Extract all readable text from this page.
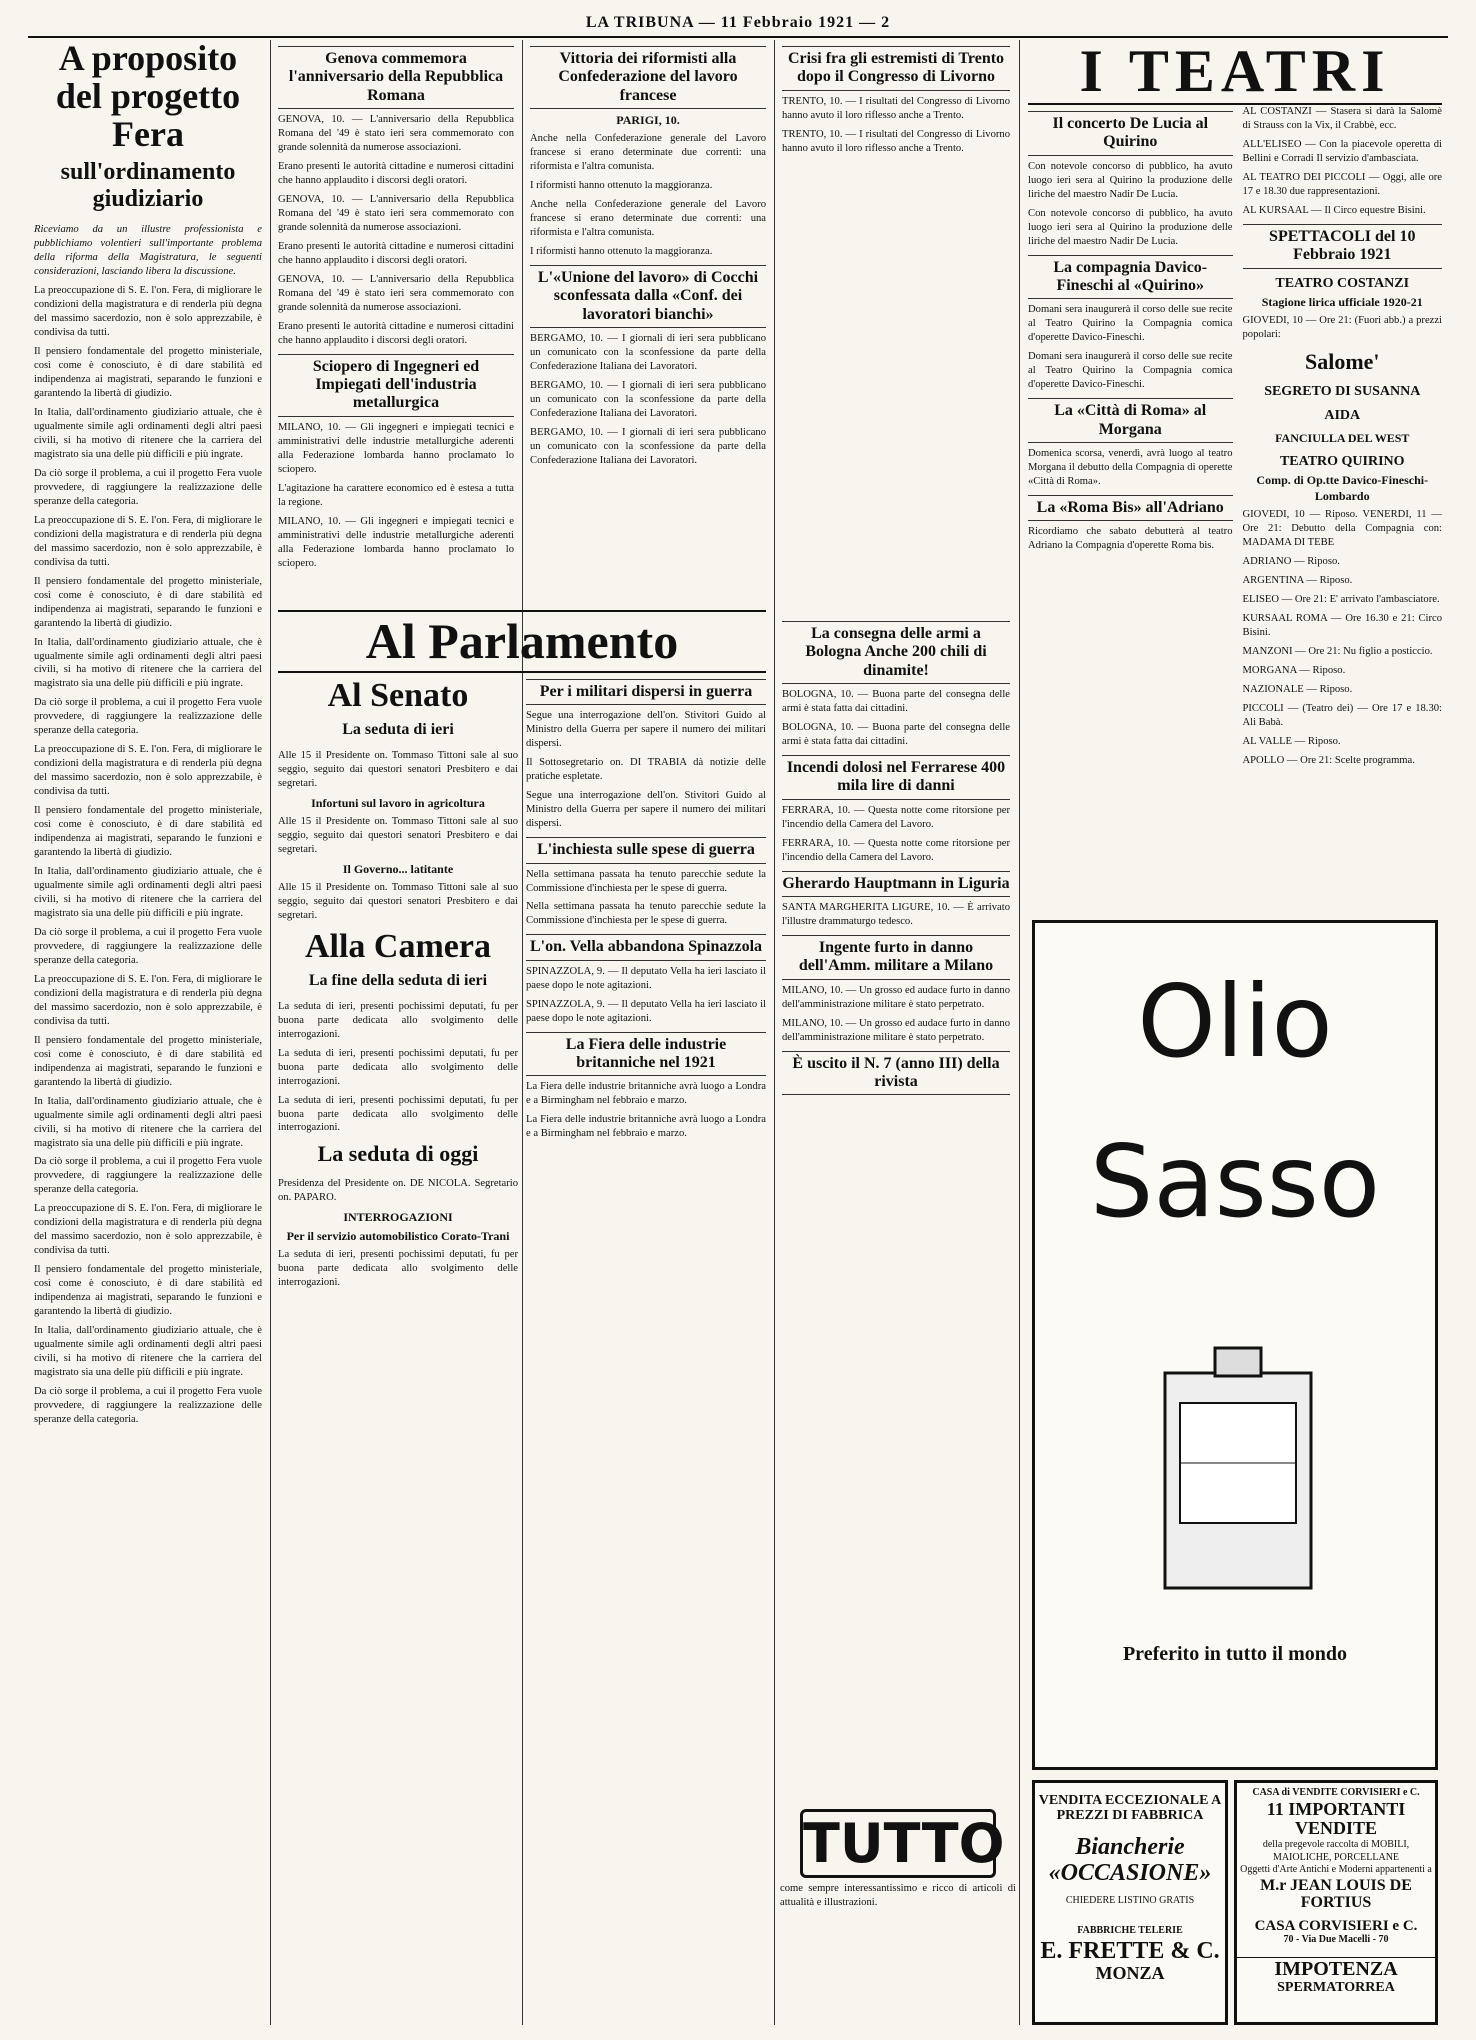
LA TRIBUNA — 11 Febbraio 1921 — 2
A proposito del progetto Fera
sull'ordinamento giudiziario

Riceviamo da un illustre professionista e pubblichiamo volentieri sull'importante problema della riforma della Magistratura, le seguenti considerazioni, lasciando libera la discussione.

La preoccupazione di S. E. l'on. Fera, di migliorare le condizioni della magistratura e di renderla più degna del massimo sacerdozio, non è solo apprezzabile, è condivisa da tutti.

Il pensiero fondamentale del progetto ministeriale, così come è conosciuto, è di dare stabilità ed indipendenza ai magistrati, separando le funzioni e garantendo la libertà di giudizio.

In Italia, dall'ordinamento giudiziario attuale, che è ugualmente simile agli ordinamenti degli altri paesi civili, si ha motivo di ritenere che la carriera del magistrato sia una delle più difficili e più ingrate.

Da ciò sorge il problema, a cui il progetto Fera vuole provvedere, di raggiungere la realizzazione delle speranze della categoria.

La preoccupazione di S. E. l'on. Fera, di migliorare le condizioni della magistratura e di renderla più degna del massimo sacerdozio, non è solo apprezzabile, è condivisa da tutti.

Il pensiero fondamentale del progetto ministeriale, così come è conosciuto, è di dare stabilità ed indipendenza ai magistrati, separando le funzioni e garantendo la libertà di giudizio.

In Italia, dall'ordinamento giudiziario attuale, che è ugualmente simile agli ordinamenti degli altri paesi civili, si ha motivo di ritenere che la carriera del magistrato sia una delle più difficili e più ingrate.

Da ciò sorge il problema, a cui il progetto Fera vuole provvedere, di raggiungere la realizzazione delle speranze della categoria.

La preoccupazione di S. E. l'on. Fera, di migliorare le condizioni della magistratura e di renderla più degna del massimo sacerdozio, non è solo apprezzabile, è condivisa da tutti.

Il pensiero fondamentale del progetto ministeriale, così come è conosciuto, è di dare stabilità ed indipendenza ai magistrati, separando le funzioni e garantendo la libertà di giudizio.

In Italia, dall'ordinamento giudiziario attuale, che è ugualmente simile agli ordinamenti degli altri paesi civili, si ha motivo di ritenere che la carriera del magistrato sia una delle più difficili e più ingrate.

Da ciò sorge il problema, a cui il progetto Fera vuole provvedere, di raggiungere la realizzazione delle speranze della categoria.

La preoccupazione di S. E. l'on. Fera, di migliorare le condizioni della magistratura e di renderla più degna del massimo sacerdozio, non è solo apprezzabile, è condivisa da tutti.

Il pensiero fondamentale del progetto ministeriale, così come è conosciuto, è di dare stabilità ed indipendenza ai magistrati, separando le funzioni e garantendo la libertà di giudizio.

In Italia, dall'ordinamento giudiziario attuale, che è ugualmente simile agli ordinamenti degli altri paesi civili, si ha motivo di ritenere che la carriera del magistrato sia una delle più difficili e più ingrate.

Da ciò sorge il problema, a cui il progetto Fera vuole provvedere, di raggiungere la realizzazione delle speranze della categoria.

La preoccupazione di S. E. l'on. Fera, di migliorare le condizioni della magistratura e di renderla più degna del massimo sacerdozio, non è solo apprezzabile, è condivisa da tutti.

Il pensiero fondamentale del progetto ministeriale, così come è conosciuto, è di dare stabilità ed indipendenza ai magistrati, separando le funzioni e garantendo la libertà di giudizio.

In Italia, dall'ordinamento giudiziario attuale, che è ugualmente simile agli ordinamenti degli altri paesi civili, si ha motivo di ritenere che la carriera del magistrato sia una delle più difficili e più ingrate.

Da ciò sorge il problema, a cui il progetto Fera vuole provvedere, di raggiungere la realizzazione delle speranze della categoria.

Genova commemora l'anniversario della Repubblica Romana

GENOVA, 10. — L'anniversario della Repubblica Romana del '49 è stato ieri sera commemorato con grande solennità da numerose associazioni.

Erano presenti le autorità cittadine e numerosi cittadini che hanno applaudito i discorsi degli oratori.

GENOVA, 10. — L'anniversario della Repubblica Romana del '49 è stato ieri sera commemorato con grande solennità da numerose associazioni.

Erano presenti le autorità cittadine e numerosi cittadini che hanno applaudito i discorsi degli oratori.

GENOVA, 10. — L'anniversario della Repubblica Romana del '49 è stato ieri sera commemorato con grande solennità da numerose associazioni.

Erano presenti le autorità cittadine e numerosi cittadini che hanno applaudito i discorsi degli oratori.

Sciopero di Ingegneri ed Impiegati dell'industria metallurgica

MILANO, 10. — Gli ingegneri e impiegati tecnici e amministrativi delle industrie metallurgiche aderenti alla Federazione lombarda hanno proclamato lo sciopero.

L'agitazione ha carattere economico ed è estesa a tutta la regione.

MILANO, 10. — Gli ingegneri e impiegati tecnici e amministrativi delle industrie metallurgiche aderenti alla Federazione lombarda hanno proclamato lo sciopero.

Vittoria dei riformisti alla Confederazione del lavoro francese
PARIGI, 10.

Anche nella Confederazione generale del Lavoro francese si erano determinate due correnti: una riformista e l'altra comunista.

I riformisti hanno ottenuto la maggioranza.

Anche nella Confederazione generale del Lavoro francese si erano determinate due correnti: una riformista e l'altra comunista.

I riformisti hanno ottenuto la maggioranza.

L'«Unione del lavoro» di Cocchi sconfessata dalla «Conf. dei lavoratori bianchi»

BERGAMO, 10. — I giornali di ieri sera pubblicano un comunicato con la sconfessione da parte della Confederazione Italiana dei Lavoratori.

BERGAMO, 10. — I giornali di ieri sera pubblicano un comunicato con la sconfessione da parte della Confederazione Italiana dei Lavoratori.

BERGAMO, 10. — I giornali di ieri sera pubblicano un comunicato con la sconfessione da parte della Confederazione Italiana dei Lavoratori.

Al Parlamento
Al Senato
La seduta di ieri

Alle 15 il Presidente on. Tommaso Tittoni sale al suo seggio, seguito dai questori senatori Presbitero e dai segretari.

Infortuni sul lavoro in agricoltura

Alle 15 il Presidente on. Tommaso Tittoni sale al suo seggio, seguito dai questori senatori Presbitero e dai segretari.

Il Governo... latitante

Alle 15 il Presidente on. Tommaso Tittoni sale al suo seggio, seguito dai questori senatori Presbitero e dai segretari.

Alla Camera
La fine della seduta di ieri

La seduta di ieri, presenti pochissimi deputati, fu per buona parte dedicata allo svolgimento delle interrogazioni.

La seduta di ieri, presenti pochissimi deputati, fu per buona parte dedicata allo svolgimento delle interrogazioni.

La seduta di ieri, presenti pochissimi deputati, fu per buona parte dedicata allo svolgimento delle interrogazioni.

La seduta di oggi

Presidenza del Presidente on. DE NICOLA. Segretario on. PAPARO.

INTERROGAZIONI
Per il servizio automobilistico Corato-Trani

La seduta di ieri, presenti pochissimi deputati, fu per buona parte dedicata allo svolgimento delle interrogazioni.

Per i militari dispersi in guerra

Segue una interrogazione dell'on. Stivitori Guido al Ministro della Guerra per sapere il numero dei militari dispersi.

Il Sottosegretario on. DI TRABIA dà notizie delle pratiche espletate.

Segue una interrogazione dell'on. Stivitori Guido al Ministro della Guerra per sapere il numero dei militari dispersi.

L'inchiesta sulle spese di guerra

Nella settimana passata ha tenuto parecchie sedute la Commissione d'inchiesta per le spese di guerra.

Nella settimana passata ha tenuto parecchie sedute la Commissione d'inchiesta per le spese di guerra.

L'on. Vella abbandona Spinazzola

SPINAZZOLA, 9. — Il deputato Vella ha ieri lasciato il paese dopo le note agitazioni.

SPINAZZOLA, 9. — Il deputato Vella ha ieri lasciato il paese dopo le note agitazioni.

La Fiera delle industrie britanniche nel 1921

La Fiera delle industrie britanniche avrà luogo a Londra e a Birmingham nel febbraio e marzo.

La Fiera delle industrie britanniche avrà luogo a Londra e a Birmingham nel febbraio e marzo.

Crisi fra gli estremisti di Trento dopo il Congresso di Livorno

TRENTO, 10. — I risultati del Congresso di Livorno hanno avuto il loro riflesso anche a Trento.

TRENTO, 10. — I risultati del Congresso di Livorno hanno avuto il loro riflesso anche a Trento.

La consegna delle armi a Bologna Anche 200 chili di dinamite!

BOLOGNA, 10. — Buona parte del consegna delle armi è stata fatta dai cittadini.

BOLOGNA, 10. — Buona parte del consegna delle armi è stata fatta dai cittadini.

Incendi dolosi nel Ferrarese 400 mila lire di danni

FERRARA, 10. — Questa notte come ritorsione per l'incendio della Camera del Lavoro.

FERRARA, 10. — Questa notte come ritorsione per l'incendio della Camera del Lavoro.

Gherardo Hauptmann in Liguria

SANTA MARGHERITA LIGURE, 10. — È arrivato l'illustre drammaturgo tedesco.

Ingente furto in danno dell'Amm. militare a Milano

MILANO, 10. — Un grosso ed audace furto in danno dell'amministrazione militare è stato perpetrato.

MILANO, 10. — Un grosso ed audace furto in danno dell'amministrazione militare è stato perpetrato.

È uscito il N. 7 (anno III) della rivista
TUTTO

come sempre interessantissimo e ricco di articoli di attualità e illustrazioni.

I TEATRI
Il concerto De Lucia al Quirino

Con notevole concorso di pubblico, ha avuto luogo ieri sera al Quirino la produzione delle liriche del maestro Nadir De Lucia.

Con notevole concorso di pubblico, ha avuto luogo ieri sera al Quirino la produzione delle liriche del maestro Nadir De Lucia.

La compagnia Davico-Fineschi al «Quirino»

Domani sera inaugurerà il corso delle sue recite al Teatro Quirino la Compagnia comica d'operette Davico-Fineschi.

Domani sera inaugurerà il corso delle sue recite al Teatro Quirino la Compagnia comica d'operette Davico-Fineschi.

La «Città di Roma» al Morgana

Domenica scorsa, venerdì, avrà luogo al teatro Morgana il debutto della Compagnia di operette «Città di Roma».

La «Roma Bis» all'Adriano

Ricordiamo che sabato debutterà al teatro Adriano la Compagnia d'operette Roma bis.

AL COSTANZI — Stasera si darà la Salomè di Strauss con la Vix, il Crabbè, ecc.

ALL'ELISEO — Con la piacevole operetta di Bellini e Corradi Il servizio d'ambasciata.

AL TEATRO DEI PICCOLI — Oggi, alle ore 17 e 18.30 due rappresentazioni.

AL KURSAAL — Il Circo equestre Bisini.

SPETTACOLI del 10 Febbraio 1921
TEATRO COSTANZI
Stagione lirica ufficiale 1920-21

GIOVEDI, 10 — Ore 21: (Fuori abb.) a prezzi popolari:

Salome'
SEGRETO DI SUSANNA
AIDA
FANCIULLA DEL WEST
TEATRO QUIRINO
Comp. di Op.tte Davico-Fineschi-Lombardo

GIOVEDI, 10 — Riposo. VENERDI, 11 — Ore 21: Debutto della Compagnia con: MADAMA DI TEBE

ADRIANO — Riposo.

ARGENTINA — Riposo.

ELISEO — Ore 21: E' arrivato l'ambasciatore.

KURSAAL ROMA — Ore 16.30 e 21: Circo Bisini.

MANZONI — Ore 21: Nu figlio a posticcio.

MORGANA — Riposo.

NAZIONALE — Riposo.

PICCOLI — (Teatro dei) — Ore 17 e 18.30: Ali Babà.

AL VALLE — Riposo.

APOLLO — Ore 21: Scelte programma.

Olio
Sasso
Preferito in tutto il mondo
VENDITA ECCEZIONALE A PREZZI DI FABBRICA
Biancherie «OCCASIONE»
CHIEDERE LISTINO GRATIS
FABBRICHE TELERIE
E. FRETTE & C.
MONZA
CASA di VENDITE CORVISIERI e C.
11 IMPORTANTI VENDITE
della pregevole raccolta di MOBILI, MAIOLICHE, PORCELLANE
Oggetti d'Arte Antichi e Moderni appartenenti a
M.r JEAN LOUIS DE FORTIUS
CASA CORVISIERI e C.
70 - Via Due Macelli - 70
IMPOTENZA
SPERMATORREA
